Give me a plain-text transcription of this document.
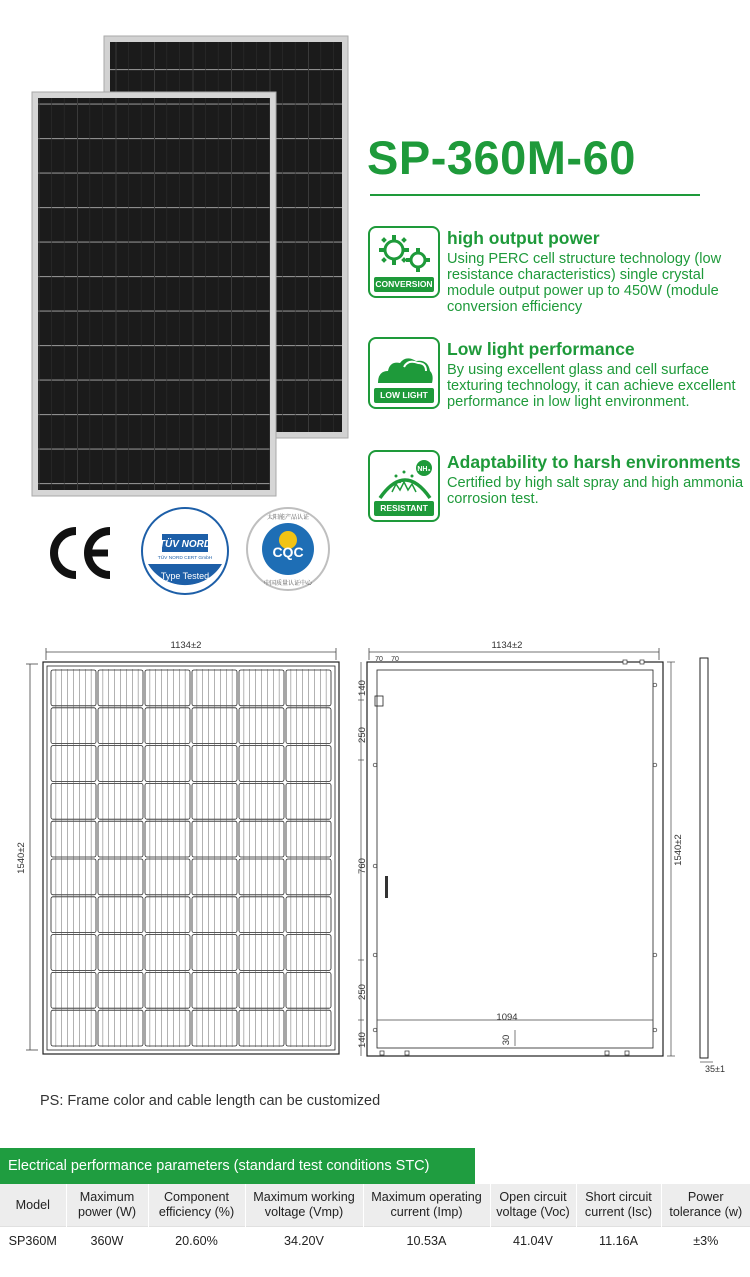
SP-360M-60
CONVERSION
high output power
Using PERC cell structure technology (low resistance characteristics) single crystal module output power up to 450W (module conversion efficiency
LOW LIGHT
Low light performance
By using excellent glass and cell surface texturing technology, it can achieve excellent performance in low light environment.
NH₃
RESISTANT
Adaptability to harsh environments
Certified by high salt spray and high ammonia corrosion test.
TÜV NORD
TÜV NORD CERT GmbH
Type Tested
CQC
太阳能产品认证
中国质量认证中心
1134±2
1540±2
1134±2
70 70
140
250
760
250
140
1094
30
1540±2
35±1
PS: Frame color and cable length can be customized
Electrical performance parameters (standard test conditions STC)
Model	Maximum power (W)	Component efficiency (%)	Maximum working voltage (Vmp)	Maximum operating current (Imp)	Open circuit voltage (Voc)	Short circuit current (Isc)	Power tolerance (w)
SP360M	360W	20.60%	34.20V	10.53A	41.04V	11.16A	±3%
